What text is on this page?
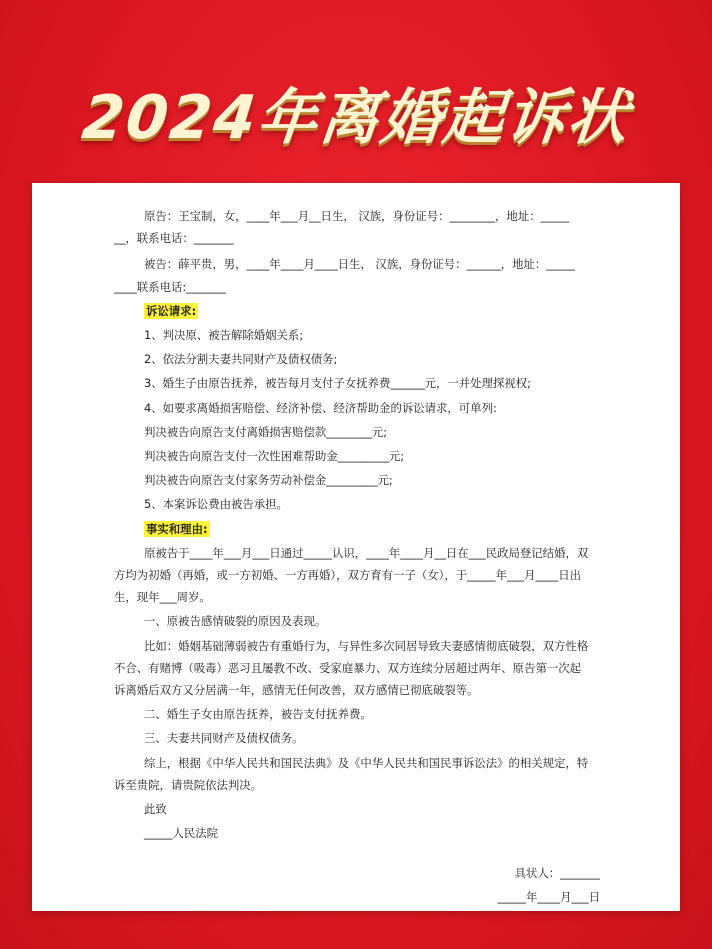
2024年离婚起诉状

原告：王宝制，女，____年___月__日生， 汉族，身份证号：________，地址：_____
__，联系电话：_______

被告：薛平贵，男，____年____月____日生， 汉族，身份证号：______，地址：_____
____联系电话:_______

诉讼请求:

1、判决原、被告解除婚姻关系;

2、依法分割夫妻共同财产及债权债务;

3、婚生子由原告抚养，被告每月支付子女抚养费______元，一并处理探视权;

4、如要求离婚损害赔偿、经济补偿、经济帮助金的诉讼请求，可单列:

判决被告向原告支付离婚损害赔偿款________元;

判决被告向原告支付一次性困难帮助金_________元;

判决被告向原告支付家务劳动补偿金_________元;

5、本案诉讼费由被告承担。

事实和理由:

原被告于____年___月___日通过_____认识，____年____月__日在___民政局登记结婚，双方均为初婚（再婚，或一方初婚、一方再婚），双方育有一子（女），于_____年___月____日出生，现年___周岁。

一、原被告感情破裂的原因及表现。

比如：婚姻基础薄弱被告有重婚行为，与异性多次同居导致夫妻感情彻底破裂，双方性格不合、有赌博（吸毒）恶习且屡教不改、受家庭暴力、双方连续分居超过两年、原告第一次起诉离婚后双方又分居满一年，感情无任何改善，双方感情已彻底破裂等。

二、婚生子女由原告抚养，被告支付抚养费。

三、夫妻共同财产及债权债务。

综上，根据《中华人民共和国民法典》及《中华人民共和国民事诉讼法》的相关规定，特诉至贵院，请贵院依法判决。

此致

_____人民法院

具状人：_______
_____年____月___日
